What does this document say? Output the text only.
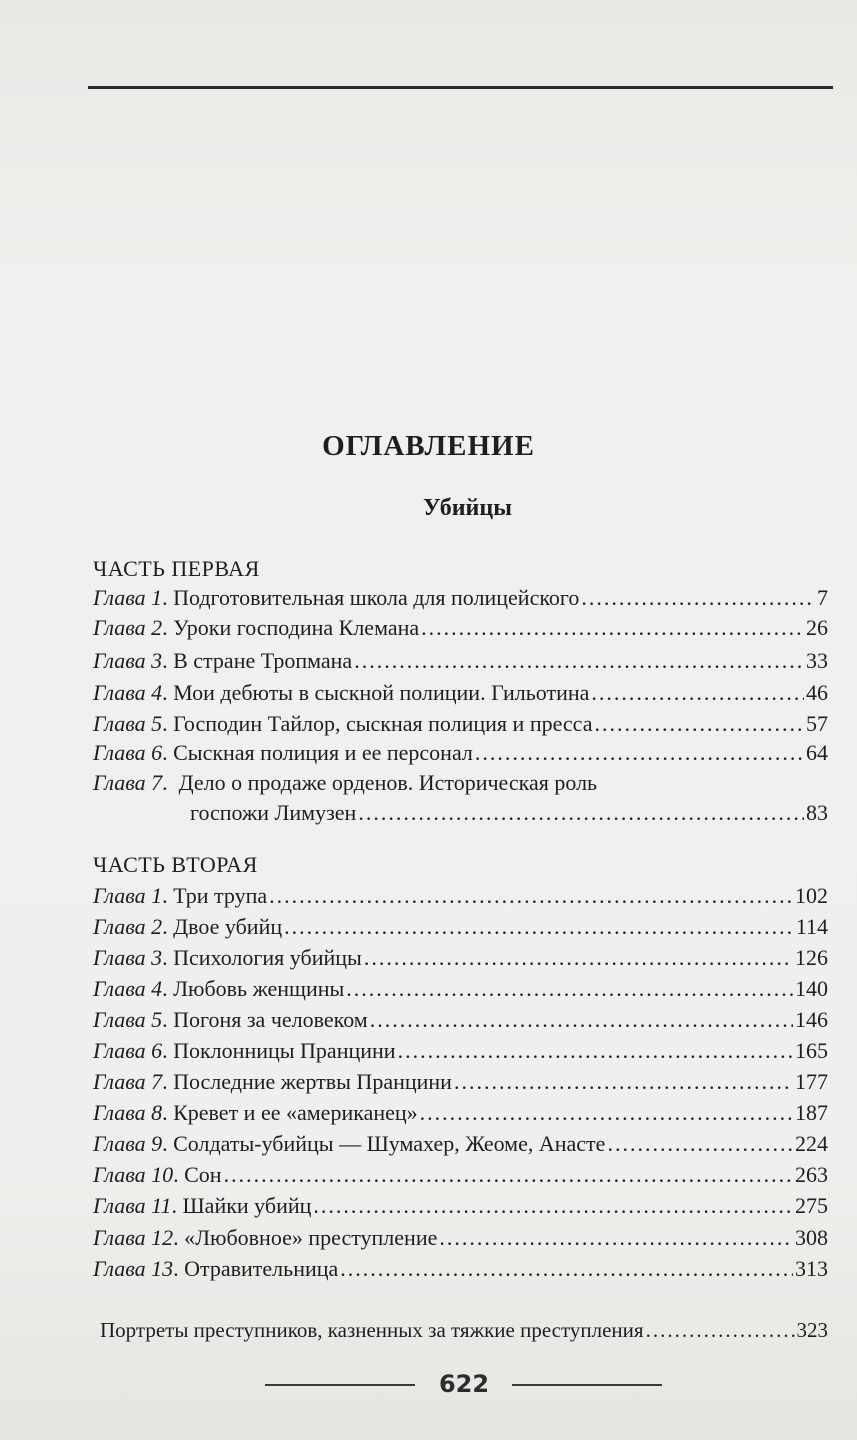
ОГЛАВЛЕНИЕ
Убийцы
ЧАСТЬ ПЕРВАЯ
Глава 1 . Подготовительная школа для полицейского .....	7
Глава 2 . Уроки господина Клемана .....	26
Глава 3 . В стране Тропмана .....	33
Глава 4 . Мои дебюты в сыскной полиции. Гильотина .....	46
Глава 5 . Господин Тайлор, сыскная полиция и пресса .....	57
Глава 6 . Сыскная полиция и ее персонал .....	64
Глава 7.  Дело о продаже орденов. Историческая роль
госпожи Лимузен .....	83
ЧАСТЬ ВТОРАЯ
Глава 1 . Три трупа .....	102
Глава 2 . Двое убийц .....	114
Глава 3 . Психология убийцы .....	126
Глава 4 . Любовь женщины .....	140
Глава 5 . Погоня за человеком .....	146
Глава 6 . Поклонницы Пранцини .....	165
Глава 7 . Последние жертвы Пранцини .....	177
Глава 8 . Кревет и ее «американец» .....	187
Глава 9 . Солдаты-убийцы — Шумахер, Жеоме, Анасте .....	224
Глава 10 . Сон .....	263
Глава 11 . Шайки убийц .....	275
Глава 12 . «Любовное» преступление .....	308
Глава 13 . Отравительница .....	313
Портреты преступников, казненных за тяжкие преступления .....	323
622
